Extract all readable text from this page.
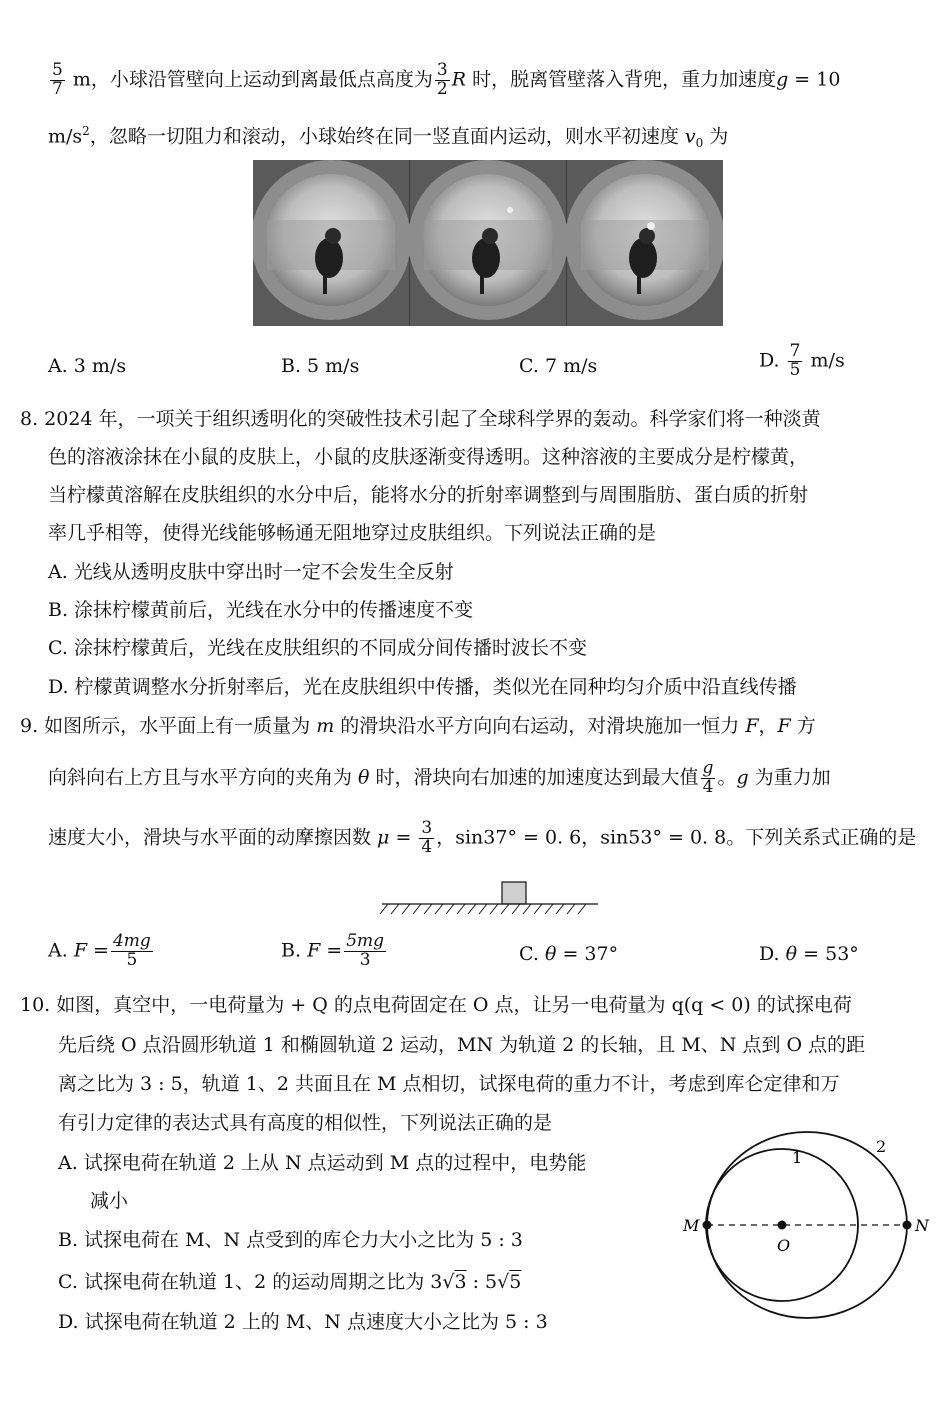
$\frac{5}{7}$ m，小球沿管壁向上运动到离最低点高度为 $\frac{3}{2}$ R 时，脱离管壁落入背兜，重力加速度g = 10
$m/s^2$，忽略一切阻力和滚动，小球始终在同一竖直面内运动，则水平初速度 $v_0$ 为
A. 3 m/s	B. 5 m/s	C. 7 m/s	D. $\frac{7}{5} m/s$
8. 2024 年，一项关于组织透明化的突破性技术引起了全球科学界的轰动。科学家们将一种淡黄
色的溶液涂抹在小鼠的皮肤上，小鼠的皮肤逐渐变得透明。这种溶液的主要成分是柠檬黄，
当柠檬黄溶解在皮肤组织的水分中后，能将水分的折射率调整到与周围脂肪、蛋白质的折射
率几乎相等，使得光线能够畅通无阻地穿过皮肤组织。下列说法正确的是
A. 光线从透明皮肤中穿出时一定不会发生全反射
B. 涂抹柠檬黄前后，光线在水分中的传播速度不变
C. 涂抹柠檬黄后，光线在皮肤组织的不同成分间传播时波长不变
D. 柠檬黄调整水分折射率后，光在皮肤组织中传播，类似光在同种均匀介质中沿直线传播
9. 如图所示，水平面上有一质量为 m 的滑块沿水平方向向右运动，对滑块施加一恒力 F，F 方
向斜向右上方且与水平方向的夹角为 θ 时，滑块向右加速的加速度达到最大值 $\frac{g}{4}$ 。g 为重力加
速度大小，滑块与水平面的动摩擦因数 $\mu = \frac{3}{4}$ ，sin37° = 0. 6，sin53° = 0. 8。下列关系式正确的是
A. $F = \frac{4mg}{5}$	B. $F = \frac{5mg}{3}$	C. θ = 37°	D. θ = 53°
10. 如图，真空中，一电荷量为 + Q 的点电荷固定在 O 点，让另一电荷量为 q(q < 0) 的试探电荷
先后绕 O 点沿圆形轨道 1 和椭圆轨道 2 运动，MN 为轨道 2 的长轴，且 M、N 点到 O 点的距
离之比为 3 : 5，轨道 1、2 共面且在 M 点相切，试探电荷的重力不计，考虑到库仑定律和万
有引力定律的表达式具有高度的相似性，下列说法正确的是
A. 试探电荷在轨道 2 上从 N 点运动到 M 点的过程中，电势能
减小
B. 试探电荷在 M、N 点受到的库仑力大小之比为 5 : 3
C. 试探电荷在轨道 1、2 的运动周期之比为 3√3 : 5√5
D. 试探电荷在轨道 2 上的 M、N 点速度大小之比为 5 : 3
1
2
M
O
N
